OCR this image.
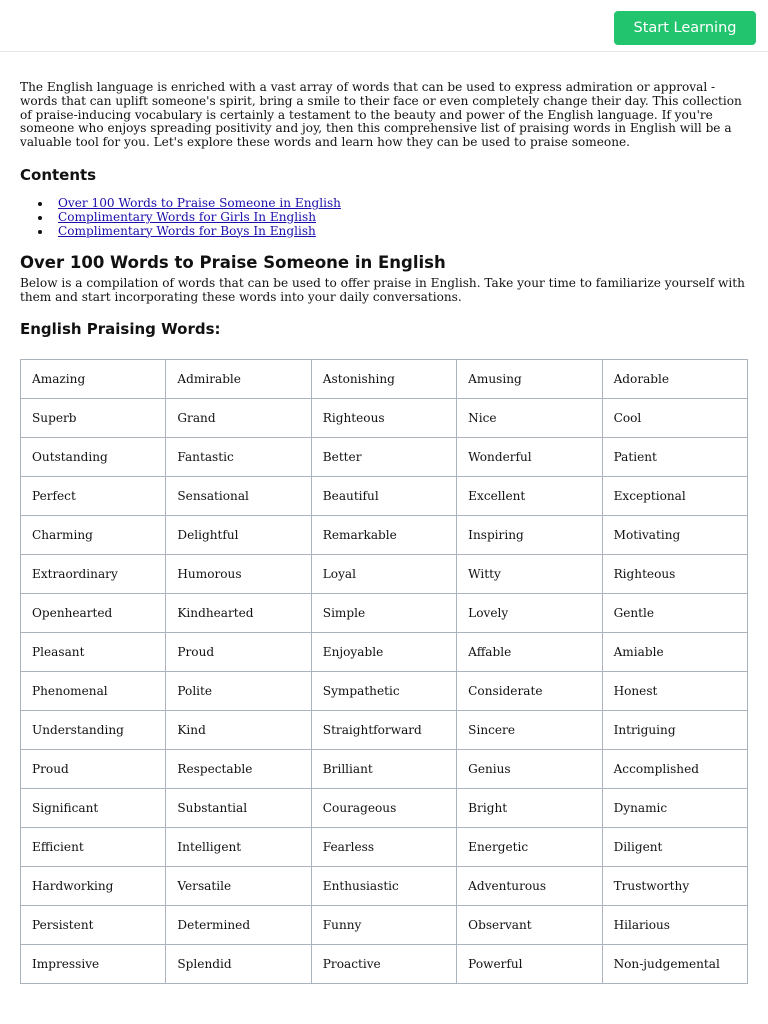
Start Learning

The English language is enriched with a vast array of words that can be used to express admiration or approval - words that can uplift someone's spirit, bring a smile to their face or even completely change their day. This collection of praise-inducing vocabulary is certainly a testament to the beauty and power of the English language. If you're someone who enjoys spreading positivity and joy, then this comprehensive list of praising words in English will be a valuable tool for you. Let's explore these words and learn how they can be used to praise someone.

Contents
Over 100 Words to Praise Someone in English
Complimentary Words for Girls In English
Complimentary Words for Boys In English
Over 100 Words to Praise Someone in English

Below is a compilation of words that can be used to offer praise in English. Take your time to familiarize yourself with them and start incorporating these words into your daily conversations.

English Praising Words:
Amazing	Admirable	Astonishing	Amusing	Adorable
Superb	Grand	Righteous	Nice	Cool
Outstanding	Fantastic	Better	Wonderful	Patient
Perfect	Sensational	Beautiful	Excellent	Exceptional
Charming	Delightful	Remarkable	Inspiring	Motivating
Extraordinary	Humorous	Loyal	Witty	Righteous
Openhearted	Kindhearted	Simple	Lovely	Gentle
Pleasant	Proud	Enjoyable	Affable	Amiable
Phenomenal	Polite	Sympathetic	Considerate	Honest
Understanding	Kind	Straightforward	Sincere	Intriguing
Proud	Respectable	Brilliant	Genius	Accomplished
Significant	Substantial	Courageous	Bright	Dynamic
Efficient	Intelligent	Fearless	Energetic	Diligent
Hardworking	Versatile	Enthusiastic	Adventurous	Trustworthy
Persistent	Determined	Funny	Observant	Hilarious
Impressive	Splendid	Proactive	Powerful	Non-judgemental
